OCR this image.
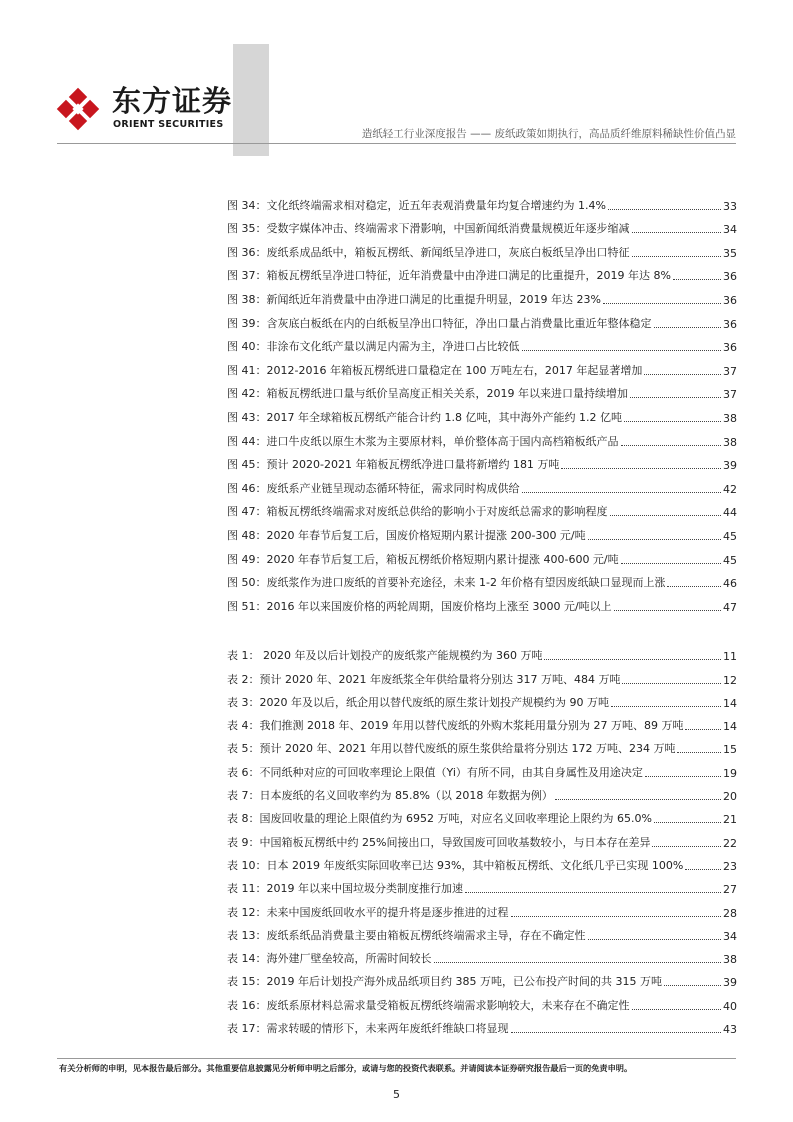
东方证券
ORIENT SECURITIES
造纸轻工行业深度报告 —— 废纸政策如期执行，高品质纤维原料稀缺性价值凸显
图 34：文化纸终端需求相对稳定，近五年表观消费量年均复合增速约为 1.4%	33
图 35：受数字媒体冲击、终端需求下滑影响，中国新闻纸消费量规模近年逐步缩减	34
图 36：废纸系成品纸中，箱板瓦楞纸、新闻纸呈净进口，灰底白板纸呈净出口特征	35
图 37：箱板瓦楞纸呈净进口特征，近年消费量中由净进口满足的比重提升，2019 年达 8%	36
图 38：新闻纸近年消费量中由净进口满足的比重提升明显，2019 年达 23%	36
图 39：含灰底白板纸在内的白纸板呈净出口特征，净出口量占消费量比重近年整体稳定	36
图 40：非涂布文化纸产量以满足内需为主，净进口占比较低	36
图 41：2012-2016 年箱板瓦楞纸进口量稳定在 100 万吨左右，2017 年起显著增加	37
图 42：箱板瓦楞纸进口量与纸价呈高度正相关关系，2019 年以来进口量持续增加	37
图 43：2017 年全球箱板瓦楞纸产能合计约 1.8 亿吨，其中海外产能约 1.2 亿吨	38
图 44：进口牛皮纸以原生木浆为主要原材料，单价整体高于国内高档箱板纸产品	38
图 45：预计 2020-2021 年箱板瓦楞纸净进口量将新增约 181 万吨	39
图 46：废纸系产业链呈现动态循环特征，需求同时构成供给	42
图 47：箱板瓦楞纸终端需求对废纸总供给的影响小于对废纸总需求的影响程度	44
图 48：2020 年春节后复工后，国废价格短期内累计提涨 200-300 元/吨	45
图 49：2020 年春节后复工后，箱板瓦楞纸价格短期内累计提涨 400-600 元/吨	45
图 50：废纸浆作为进口废纸的首要补充途径，未来 1-2 年价格有望因废纸缺口显现而上涨	46
图 51：2016 年以来国废价格的两轮周期，国废价格均上涨至 3000 元/吨以上	47
表 1： 2020 年及以后计划投产的废纸浆产能规模约为 360 万吨	11
表 2：预计 2020 年、2021 年废纸浆全年供给量将分别达 317 万吨、484 万吨	12
表 3：2020 年及以后，纸企用以替代废纸的原生浆计划投产规模约为 90 万吨	14
表 4：我们推测 2018 年、2019 年用以替代废纸的外购木浆耗用量分别为 27 万吨、89 万吨	14
表 5：预计 2020 年、2021 年用以替代废纸的原生浆供给量将分别达 172 万吨、234 万吨	15
表 6：不同纸种对应的可回收率理论上限值（Yi）有所不同，由其自身属性及用途决定	19
表 7：日本废纸的名义回收率约为 85.8%（以 2018 年数据为例）	20
表 8：国废回收量的理论上限值约为 6952 万吨，对应名义回收率理论上限约为 65.0%	21
表 9：中国箱板瓦楞纸中约 25%间接出口，导致国废可回收基数较小，与日本存在差异	22
表 10：日本 2019 年废纸实际回收率已达 93%，其中箱板瓦楞纸、文化纸几乎已实现 100%	23
表 11：2019 年以来中国垃圾分类制度推行加速	27
表 12：未来中国废纸回收水平的提升将是逐步推进的过程	28
表 13：废纸系纸品消费量主要由箱板瓦楞纸终端需求主导，存在不确定性	34
表 14：海外建厂壁垒较高，所需时间较长	38
表 15：2019 年后计划投产海外成品纸项目约 385 万吨，已公布投产时间的共 315 万吨	39
表 16：废纸系原材料总需求量受箱板瓦楞纸终端需求影响较大，未来存在不确定性	40
表 17：需求转暖的情形下，未来两年废纸纤维缺口将显现	43
有关分析师的申明，见本报告最后部分。其他重要信息披露见分析师申明之后部分，或请与您的投资代表联系。并请阅读本证券研究报告最后一页的免责申明。
5
